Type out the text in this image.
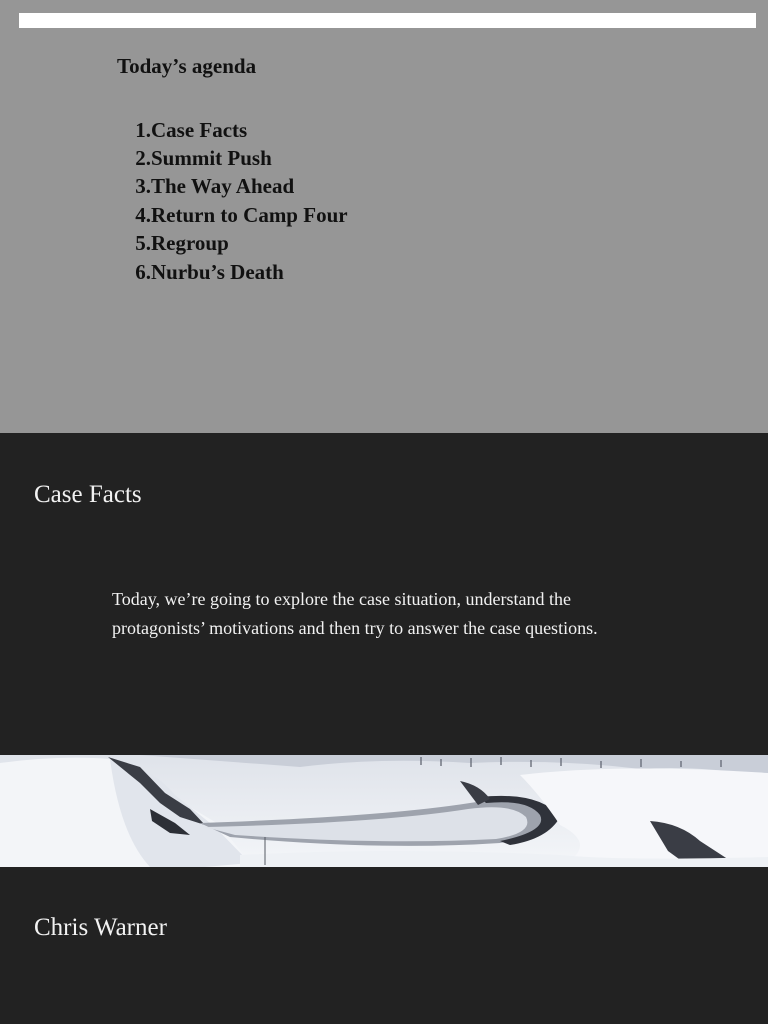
Today’s agenda
1. Case Facts
2. Summit Push
3. The Way Ahead
4. Return to Camp Four
5. Regroup
6. Nurbu’s Death
Case Facts
Today, we’re going to explore the case situation, understand the
protagonists’ motivations and then try to answer the case questions.
Chris Warner
